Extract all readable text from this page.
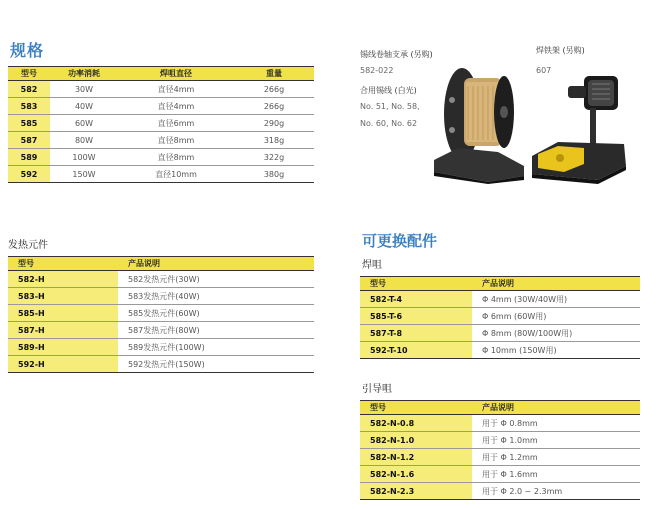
规格
型号	功率消耗	焊咀直径	重量
582	30W	直径4mm	266g
583	40W	直径4mm	266g
585	60W	直径6mm	290g
587	80W	直径8mm	318g
589	100W	直径8mm	322g
592	150W	直径10mm	380g
发热元件
型号	产品说明
582-H	582发热元件(30W)
583-H	583发热元件(40W)
585-H	585发热元件(60W)
587-H	587发热元件(80W)
589-H	589发热元件(100W)
592-H	592发热元件(150W)
锡线卷轴支承 (另购)
582-022
合用锡线 (白光)
No. 51, No. 58,
No. 60, No. 62
焊铁架 (另购)
607
可更换配件
焊咀
型号	产品说明
582-T-4	Φ 4mm (30W/40W用)
585-T-6	Φ 6mm (60W用)
587-T-8	Φ 8mm (80W/100W用)
592-T-10	Φ 10mm (150W用)
引导咀
型号	产品说明
582-N-0.8	用于 Φ 0.8mm
582-N-1.0	用于 Φ 1.0mm
582-N-1.2	用于 Φ 1.2mm
582-N-1.6	用于 Φ 1.6mm
582-N-2.3	用于 Φ 2.0 ~ 2.3mm
